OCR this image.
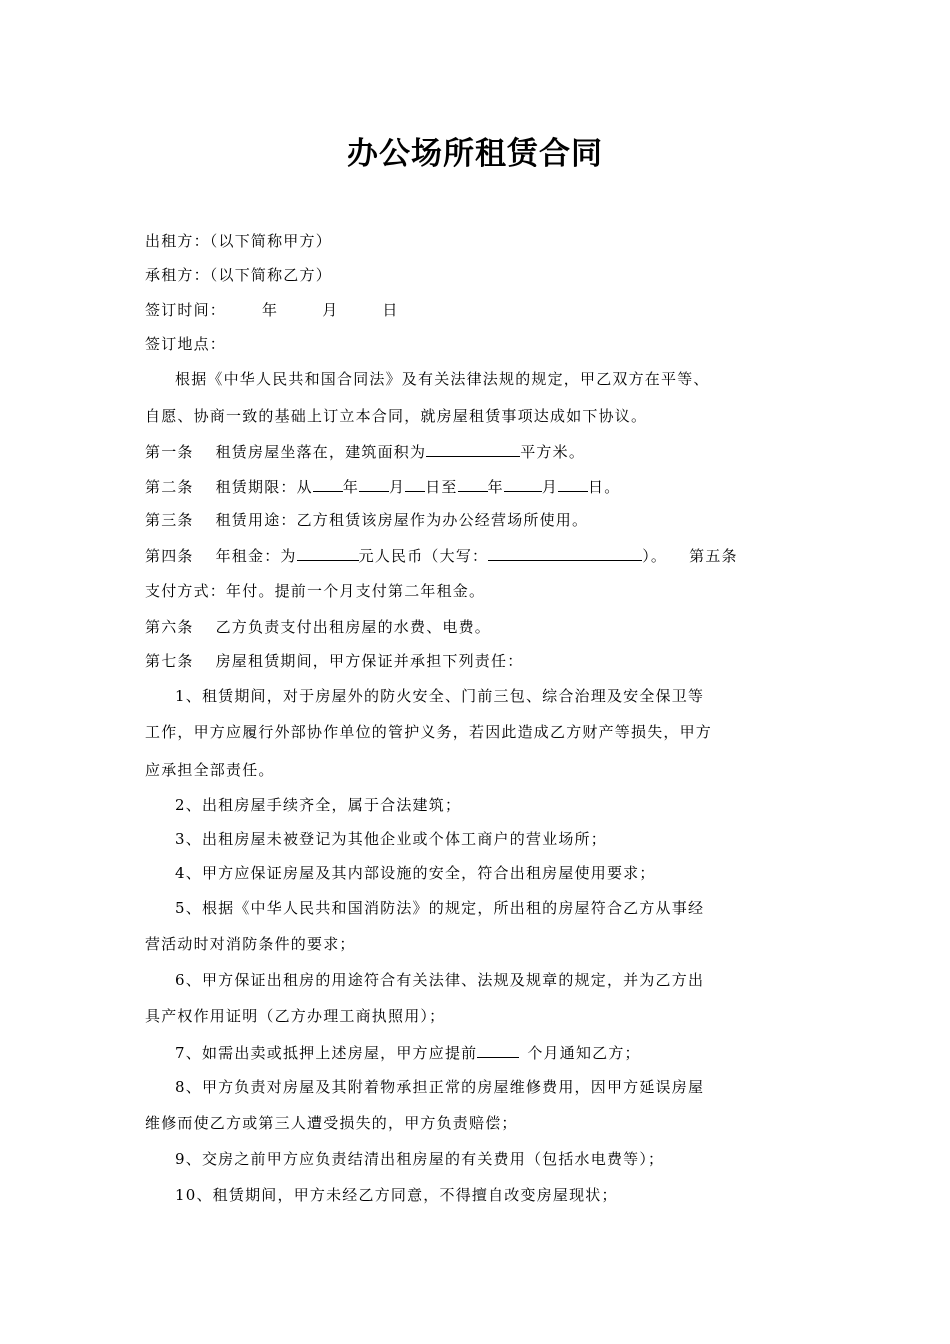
办公场所租赁合同
出租方：（以下简称甲方）
承租方：（以下简称乙方）
签订时间： 年	月	日
签订地点：
根据《中华人民共和国合同法》及有关法律法规的规定，甲乙双方在平等、
自愿、协商一致的基础上订立本合同，就房屋租赁事项达成如下协议。
第一条 租赁房屋坐落在，建筑面积为	平方米。
第二条 租赁期限：从 年 月 日至 年	月 日。
第三条 租赁用途：乙方租赁该房屋作为办公经营场所使用。
第四条 年租金：为	元人民币（大写：	）。 第五条
支付方式：年付。提前一个月支付第二年租金。
第六条 乙方负责支付出租房屋的水费、电费。
第七条 房屋租赁期间，甲方保证并承担下列责任：
1、租赁期间，对于房屋外的防火安全、门前三包、综合治理及安全保卫等
工作，甲方应履行外部协作单位的管护义务，若因此造成乙方财产等损失，甲方
应承担全部责任。
2、出租房屋手续齐全，属于合法建筑；
3、出租房屋未被登记为其他企业或个体工商户的营业场所；
4、甲方应保证房屋及其内部设施的安全，符合出租房屋使用要求；
5、根据《中华人民共和国消防法》的规定，所出租的房屋符合乙方从事经
营活动时对消防条件的要求；
6、甲方保证出租房的用途符合有关法律、法规及规章的规定，并为乙方出
具产权作用证明（乙方办理工商执照用）；
7、如需出卖或抵押上述房屋，甲方应提前	个月通知乙方；
8、甲方负责对房屋及其附着物承担正常的房屋维修费用，因甲方延误房屋
维修而使乙方或第三人遭受损失的，甲方负责赔偿；
9、交房之前甲方应负责结清出租房屋的有关费用（包括水电费等）；
10、租赁期间，甲方未经乙方同意，不得擅自改变房屋现状；
